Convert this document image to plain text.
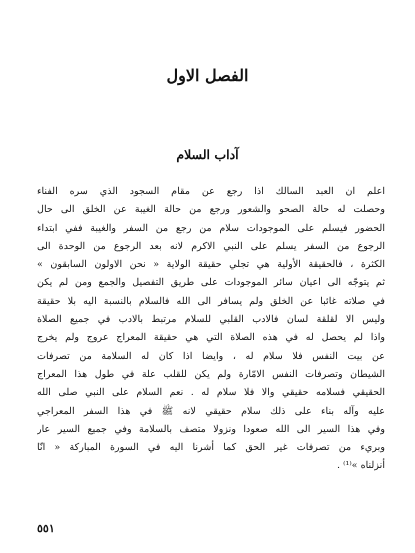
الفصل الاول
آداب السلام
اعلم ان العبد السالك اذا رجع عن مقام السجود الذي سره الفناء
وحصلت له حالة الصحو والشعور ورجع من حالة الغيبة عن الخلق الى حال
الحضور فيسلم على الموجودات سلام من رجع من السفر والغيبة ففي ابتداء
الرجوع من السفر يسلم على النبي الاكرم لانه بعد الرجوع من الوحدة الى
الكثرة ، فالحقيقة الأولية هي تجلي حقيقة الولاية « نحن الاولون السابقون »
ثم يتوجّه الى اعيان سائر الموجودات على طريق التفصيل والجمع ومن لم يكن
في صلاته غائبا عن الخلق ولم يسافر الى الله فالسلام بالنسبة اليه بلا حقيقة
وليس الا لقلقة لسان فالادب القلبي للسلام مرتبط بالادب في جميع الصلاة
واذا لم يحصل له في هذه الصلاة التي هي حقيقة المعراج عروج ولم يخرج
عن بيت النفس فلا سلام له ، وايضا اذا كان له السلامة من تصرفات
الشيطان وتصرفات النفس الامّارة ولم يكن للقلب علة في طول هذا المعراج
الحقيقي فسلامه حقيقي والا فلا سلام له . نعم السلام على النبي صلى الله
عليه وآله بناء على ذلك سلام حقيقي لانه ﷺ في هذا السفر المعراجي
وفي هذا السير الى الله صعودا ونزولا متصف بالسلامة وفي جميع السير عار
وبريء من تصرفات غير الحق كما أشرنا اليه في السورة المباركة « انّا
أنزلناه »⁽¹⁾ .
٥٥١
